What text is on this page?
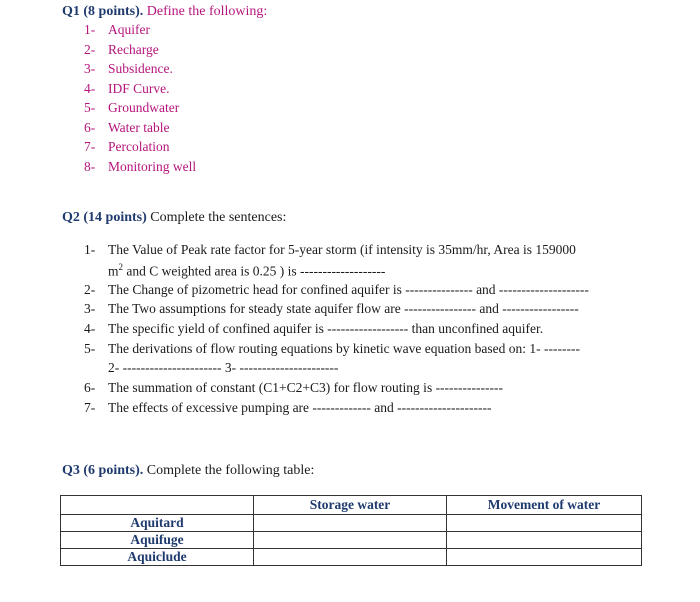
Q1 (8 points). Define the following:
1- Aquifer
2- Recharge
3- Subsidence.
4- IDF Curve.
5- Groundwater
6- Water table
7- Percolation
8- Monitoring well
Q2 (14 points) Complete the sentences:
1- The Value of Peak rate factor for 5-year storm (if intensity is 35mm/hr, Area is 159000
$m^2$ and C weighted area is 0.25 ) is -------------------
2- The Change of pizometric head for confined aquifer is --------------- and --------------------
3- The Two assumptions for steady state aquifer flow are ---------------- and -----------------
4- The specific yield of confined aquifer is ------------------ than unconfined aquifer.
5- The derivations of flow routing equations by kinetic wave equation based on: 1- --------
2- ---------------------- 3- ----------------------
6- The summation of constant (C1+C2+C3) for flow routing is ---------------
7- The effects of excessive pumping are ------------- and ---------------------
Q3 (6 points). Complete the following table:
	Storage water	Movement of water
Aquitard		
Aquifuge		
Aquiclude		
